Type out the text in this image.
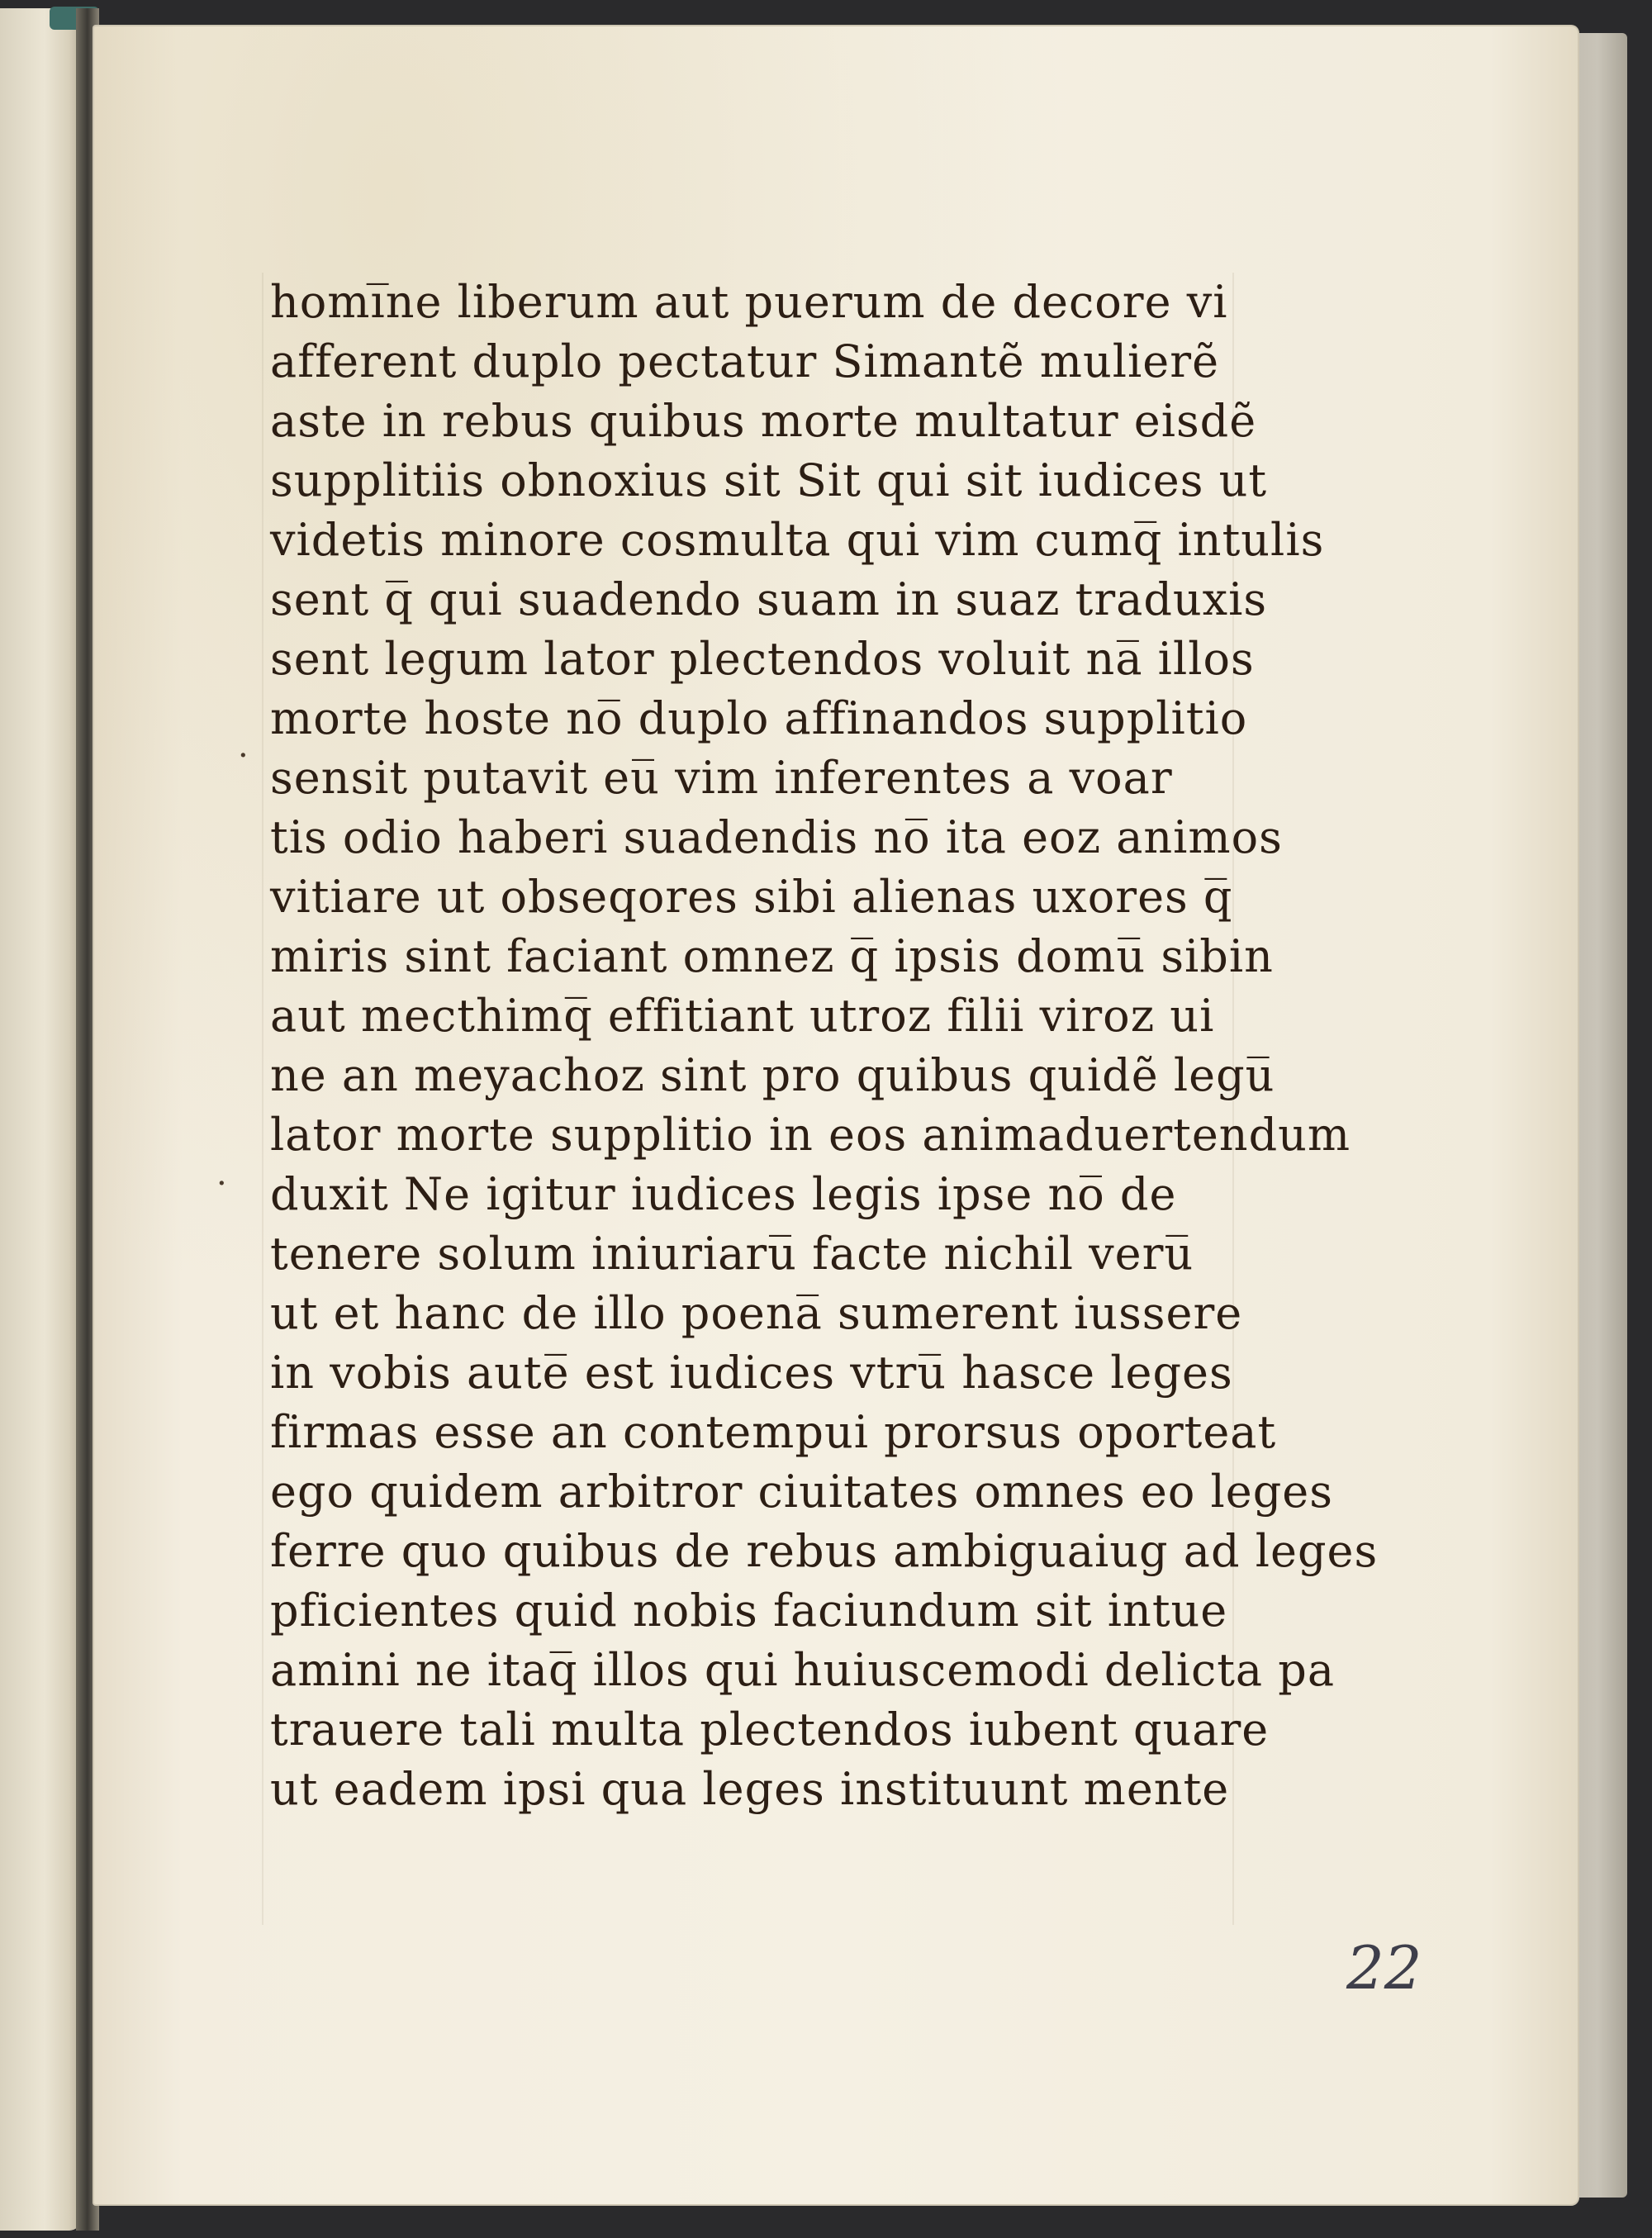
homi̅ne liberum aut puerum de decore vi
afferent duplo pectatur Simantẽ mulierẽ
aste in rebus quibus morte multatur eisdẽ
supplitiis obnoxius sit Sit qui sit iudices ut
videtis minore cosmulta qui vim cumq̅ intulis
sent q̅ qui suadendo suam in suaz traduxis
sent legum lator plectendos voluit na̅ illos
morte hoste no̅ duplo affinandos supplitio
sensit putavit eu̅ vim inferentes a voar
tis odio haberi suadendis no̅ ita eoz animos
vitiare ut obseqores sibi alienas uxores q̅
miris sint faciant omnez q̅ ipsis domu̅ sibin
aut mecthimq̅ effitiant utroz filii viroz ui
ne an meyachoz sint pro quibus quidẽ legu̅
lator morte supplitio in eos animaduertendum
duxit Ne igitur iudices legis ipse no̅ de
tenere solum iniuriaru̅ facte nichil veru̅
ut et hanc de illo poena̅ sumerent iussere
in vobis aute̅ est iudices vtru̅ hasce leges
firmas esse an contempui prorsus oporteat
ego quidem arbitror ciuitates omnes eo leges
ferre quo quibus de rebus ambiguaiug ad leges
pficientes quid nobis faciundum sit intue
amini ne itaq̅ illos qui huiuscemodi delicta pa
trauere tali multa plectendos iubent quare
ut eadem ipsi qua leges instituunt mente
·
·
22
